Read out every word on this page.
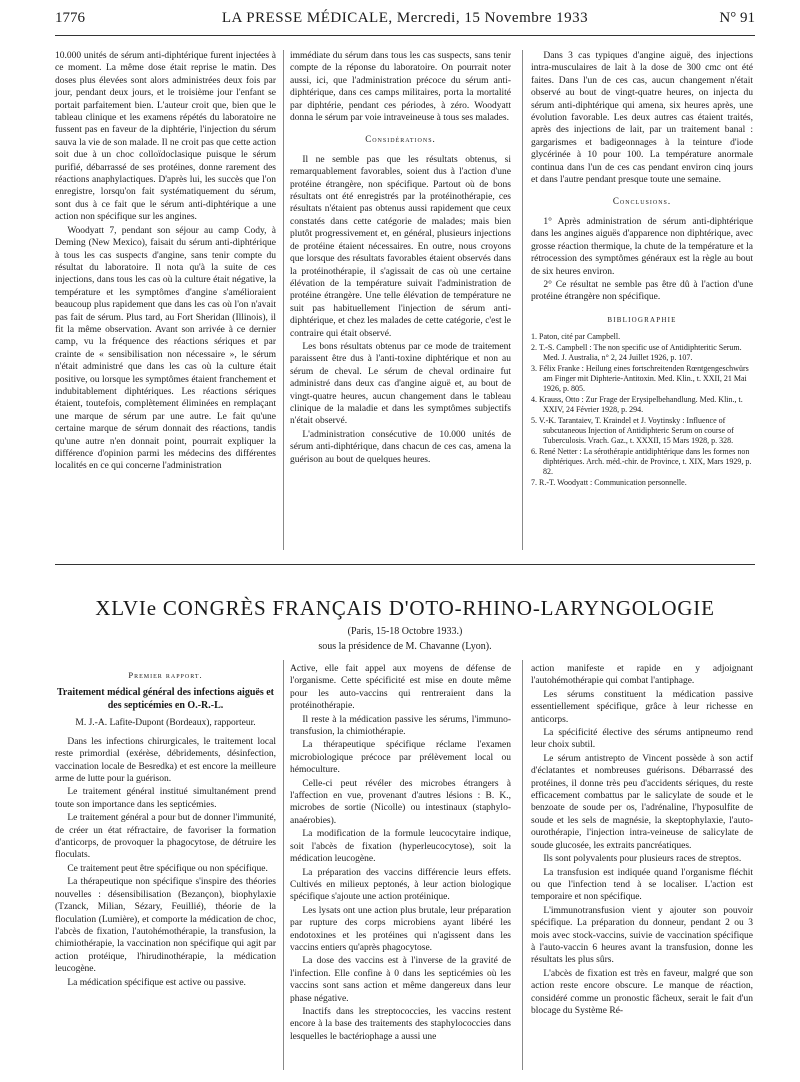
1776	LA PRESSE MÉDICALE, Mercredi, 15 Novembre 1933	N° 91

10.000 unités de sérum anti-diphtérique furent injectées à ce moment. La même dose était reprise le matin. Des doses plus élevées sont alors administrées deux fois par jour, pendant deux jours, et le troisième jour l'enfant se portait parfaitement bien. L'auteur croit que, bien que le tableau clinique et les examens répétés du laboratoire ne fussent pas en faveur de la diphtérie, l'injection du sérum sauva la vie de son malade. Il ne croit pas que cette action soit due à un choc colloïdoclasique puisque le sérum purifié, débarrassé de ses protéines, donne rarement des réactions anaphylactiques. D'après lui, les succès que l'on enregistre, lorsqu'on fait systématiquement du sérum, sont dus à ce fait que le sérum anti-diphtérique a une action non spécifique sur les angines.

Woodyatt 7, pendant son séjour au camp Cody, à Deming (New Mexico), faisait du sérum anti-diphtérique à tous les cas suspects d'angine, sans tenir compte du résultat du laboratoire. Il nota qu'à la suite de ces injections, dans tous les cas où la culture était négative, la température et les symptômes d'angine s'amélioraient beaucoup plus rapidement que dans les cas où l'on n'avait pas fait de sérum. Plus tard, au Fort Sheridan (Illinois), il fit la même observation. Avant son arrivée à ce dernier camp, vu la fréquence des réactions sériques et par crainte de « sensibilisation non nécessaire », le sérum n'était administré que dans les cas où la culture était positive, ou lorsque les symptômes étaient franchement et indubitablement diphtériques. Les réactions sériques étaient, toutefois, complètement éliminées en remplaçant une marque de sérum par une autre. Le fait qu'une certaine marque de sérum donnait des réactions, tandis qu'une autre n'en donnait point, pourrait expliquer la différence d'opinion parmi les médecins des différentes localités en ce qui concerne l'administration

immédiate du sérum dans tous les cas suspects, sans tenir compte de la réponse du laboratoire. On pourrait noter aussi, ici, que l'administration précoce du sérum anti-diphtérique, dans ces camps militaires, porta la mortalité par diphtérie, pendant ces périodes, à zéro. Woodyatt donna le sérum par voie intraveineuse à tous ses malades.

Considérations.

Il ne semble pas que les résultats obtenus, si remarquablement favorables, soient dus à l'action d'une protéine étrangère, non spécifique. Partout où de bons résultats ont été enregistrés par la protéinothérapie, ces résultats n'étaient pas obtenus aussi rapidement que ceux constatés dans cette catégorie de malades; mais bien plutôt progressivement et, en général, plusieurs injections de protéine étaient nécessaires. En outre, nous croyons que lorsque des résultats favorables étaient observés dans la protéinothérapie, il s'agissait de cas où une certaine élévation de la température suivait l'administration de protéine étrangère. Une telle élévation de température ne suit pas habituellement l'injection de sérum anti-diphtérique, et chez les malades de cette catégorie, c'est le contraire qui était observé.

Les bons résultats obtenus par ce mode de traitement paraissent être dus à l'anti-toxine diphtérique et non au sérum de cheval. Le sérum de cheval ordinaire fut administré dans deux cas d'angine aiguë et, au bout de vingt-quatre heures, aucun changement dans le tableau clinique de la maladie et dans les symptômes subjectifs n'était observé.

L'administration consécutive de 10.000 unités de sérum anti-diphtérique, dans chacun de ces cas, amena la guérison au bout de quelques heures.

Dans 3 cas typiques d'angine aiguë, des injections intra-musculaires de lait à la dose de 300 cmc ont été faites. Dans l'un de ces cas, aucun changement n'était observé au bout de vingt-quatre heures, on injecta du sérum anti-diphtérique qui amena, six heures après, une évolution favorable. Les deux autres cas étaient traités, après des injections de lait, par un traitement banal : gargarismes et badigeonnages à la teinture d'iode glycérinée à 10 pour 100. La température anormale continua dans l'un de ces cas pendant environ cinq jours et dans l'autre pendant presque toute une semaine.

Conclusions.

1° Après administration de sérum anti-diphtérique dans les angines aiguës d'apparence non diphtérique, avec grosse réaction thermique, la chute de la température et la rétrocession des symptômes généraux est la règle au bout de six heures environ.

2° Ce résultat ne semble pas être dû à l'action d'une protéine étrangère non spécifique.

BIBLIOGRAPHIE
1. Paton, cité par Campbell.
2. T.-S. Campbell : The non specific use of Antidiphteritic Serum. Med. J. Australia, n° 2, 24 Juillet 1926, p. 107.
3. Félix Franke : Heilung eines fortschreitenden Rœntgengeschwürs am Finger mit Diphterie-Antitoxin. Med. Klin., t. XXII, 21 Mai 1926, p. 805.
4. Krauss, Otto : Zur Frage der Erysipelbehandlung. Med. Klin., t. XXIV, 24 Février 1928, p. 294.
5. V.-K. Tarantaiev, T. Kraindel et J. Voytinsky : Influence of subcutaneous Injection of Antidiphteric Serum on course of Tuberculosis. Vrach. Gaz., t. XXXII, 15 Mars 1928, p. 328.
6. René Netter : La sérothérapie antidiphtérique dans les formes non diphtériques. Arch. méd.-chir. de Province, t. XIX, Mars 1929, p. 82.
7. R.-T. Woodyatt : Communication personnelle.
XLVIe CONGRÈS FRANÇAIS D'OTO-RHINO-LARYNGOLOGIE
(Paris, 15-18 Octobre 1933.)
sous la présidence de M. Chavanne (Lyon).
Premier rapport.
Traitement médical général des infections aiguës et des septicémies en O.-R.-L.
M. J.-A. Lafite-Dupont (Bordeaux), rapporteur.

Dans les infections chirurgicales, le traitement local reste primordial (exérèse, débridements, désinfection, vaccination locale de Besredka) et est encore la meilleure arme de lutte pour la guérison.

Le traitement général institué simultanément prend toute son importance dans les septicémies.

Le traitement général a pour but de donner l'immunité, de créer un état réfractaire, de favoriser la formation d'anticorps, de provoquer la phagocytose, de détruire les floculats.

Ce traitement peut être spécifique ou non spécifique.

La thérapeutique non spécifique s'inspire des théories nouvelles : désensibilisation (Bezançon), biophylaxie (Tzanck, Milian, Sézary, Feuillié), théorie de la floculation (Lumière), et comporte la médication de choc, l'abcès de fixation, l'autohémothérapie, la transfusion, la chimiothérapie, la vaccination non spécifique qui agit par action protéique, l'hirudinothérapie, la médication leucogène.

La médication spécifique est active ou passive.

Active, elle fait appel aux moyens de défense de l'organisme. Cette spécificité est mise en doute même pour les auto-vaccins qui rentreraient dans la protéinothérapie.

Il reste à la médication passive les sérums, l'immuno-transfusion, la chimiothérapie.

La thérapeutique spécifique réclame l'examen microbiologique précoce par prélèvement local ou hémoculture.

Celle-ci peut révéler des microbes étrangers à l'affection en vue, provenant d'autres lésions : B. K., microbes de sortie (Nicolle) ou intestinaux (staphylo-anaérobies).

La modification de la formule leucocytaire indique, soit l'abcès de fixation (hyperleucocytose), soit la médication leucogène.

La préparation des vaccins différencie leurs effets. Cultivés en milieux peptonés, à leur action biologique spécifique s'ajoute une action protéinique.

Les lysats ont une action plus brutale, leur préparation par rupture des corps microbiens ayant libéré les endotoxines et les protéines qui n'agissent dans les vaccins entiers qu'après phagocytose.

La dose des vaccins est à l'inverse de la gravité de l'infection. Elle confine à 0 dans les septicémies où les vaccins sont sans action et même dangereux dans leur phase négative.

Inactifs dans les streptococcies, les vaccins restent encore à la base des traitements des staphylococcies dans lesquelles le bactériophage a aussi une

action manifeste et rapide en y adjoignant l'autohémothérapie qui combat l'antiphage.

Les sérums constituent la médication passive essentiellement spécifique, grâce à leur richesse en anticorps.

La spécificité élective des sérums antipneumo rend leur choix subtil.

Le sérum antistrepto de Vincent possède à son actif d'éclatantes et nombreuses guérisons. Débarrassé des protéines, il donne très peu d'accidents sériques, du reste efficacement combattus par le salicylate de soude et le benzoate de soude per os, l'adrénaline, l'hyposulfite de soude et les sels de magnésie, la skeptophylaxie, l'auto-ourothérapie, l'injection intra-veineuse de salicylate de soude glucosée, les extraits pancréatiques.

Ils sont polyvalents pour plusieurs races de streptos.

La transfusion est indiquée quand l'organisme fléchit ou que l'infection tend à se localiser. L'action est temporaire et non spécifique.

L'immunotransfusion vient y ajouter son pouvoir spécifique. La préparation du donneur, pendant 2 ou 3 mois avec stock-vaccins, suivie de vaccination spécifique à l'auto-vaccin 6 heures avant la transfusion, donne les résultats les plus sûrs.

L'abcès de fixation est très en faveur, malgré que son action reste encore obscure. Le manque de réaction, considéré comme un pronostic fâcheux, serait le fait d'un blocage du Système Ré-
